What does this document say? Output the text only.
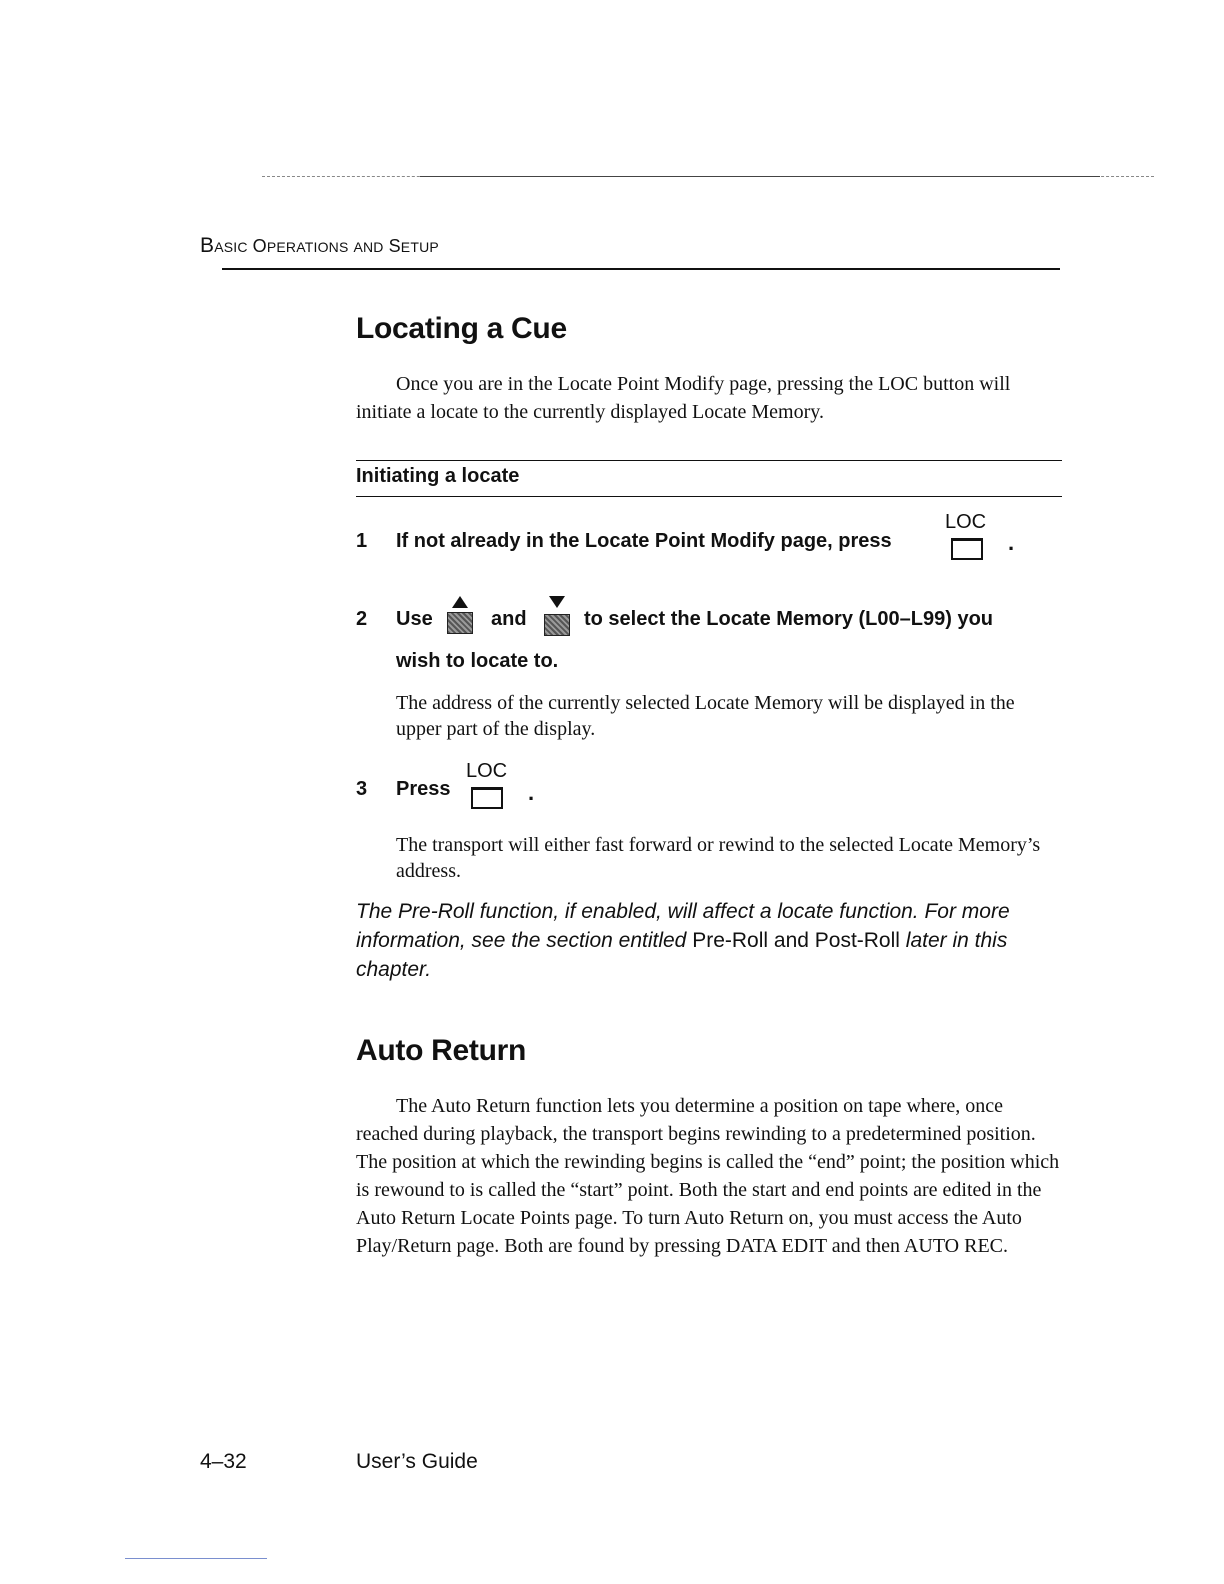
BASIC OPERATIONS AND SETUP
Locating a Cue

Once you are in the Locate Point Modify page, pressing the LOC button will initiate a locate to the currently displayed Locate Memory.

Initiating a locate
1 If not already in the Locate Point Modify page, press
LOC
.
2 Use	and	to select the Locate Memory (L00–L99) you
wish to locate to.

The address of the currently selected Locate Memory will be displayed in the upper part of the display.

3 Press
LOC
.

The transport will either fast forward or rewind to the selected Locate Memory’s address.

The Pre-Roll function, if enabled, will affect a locate function. For more information, see the section entitled Pre-Roll and Post-Roll later in this chapter.

Auto Return

The Auto Return function lets you determine a position on tape where, once reached during playback, the transport begins rewinding to a predetermined position. The position at which the rewinding begins is called the “end” point; the position which is rewound to is called the “start” point. Both the start and end points are edited in the Auto Return Locate Points page. To turn Auto Return on, you must access the Auto Play/Return page. Both are found by pressing DATA EDIT and then AUTO REC.

4–32	User’s Guide
